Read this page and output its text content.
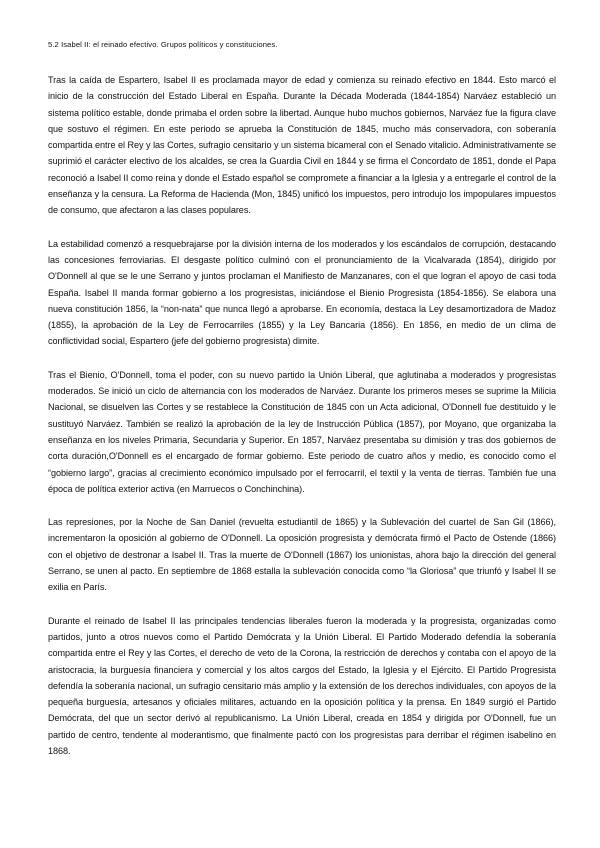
5.2 Isabel II: el reinado efectivo. Grupos políticos y constituciones.

Tras la caída de Espartero, Isabel II es proclamada mayor de edad y comienza su reinado efectivo en 1844. Esto marcó el inicio de la construcción del Estado Liberal en España. Durante la Década Moderada (1844-1854) Narváez estableció un sistema político estable, donde primaba el orden sobre la libertad. Aunque hubo muchos gobiernos, Narváez fue la figura clave que sostuvo el régimen. En este periodo se aprueba la Constitución de 1845, mucho más conservadora, con soberanía compartida entre el Rey y las Cortes, sufragio censitario y un sistema bicameral con el Senado vitalicio. Administrativamente se suprimió el carácter electivo de los alcaldes, se crea la Guardia Civil en 1844 y se firma el Concordato de 1851, donde el Papa reconoció a Isabel II como reina y donde el Estado español se compromete a financiar a la Iglesia y a entregarle el control de la enseñanza y la censura. La Reforma de Hacienda (Mon, 1845) unificó los impuestos, pero introdujo los impopulares impuestos de consumo, que afectaron a las clases populares.

La estabilidad comenzó a resquebrajarse por la división interna de los moderados y los escándalos de corrupción, destacando las concesiones ferroviarias. El desgaste político culminó con el pronunciamiento de la Vicalvarada (1854), dirigido por O'Donnell al que se le une Serrano y juntos proclaman el Manifiesto de Manzanares, con el que logran el apoyo de casi toda España. Isabel II manda formar gobierno a los progresistas, iniciándose el Bienio Progresista (1854-1856). Se elabora una nueva constitución 1856, la “non-nata” que nunca llegó a aprobarse. En economía, destaca la Ley desamortizadora de Madoz (1855), la aprobación de la Ley de Ferrocarriles (1855) y la Ley Bancaria (1856). En 1856, en medio de un clima de conflictividad social, Espartero (jefe del gobierno progresista) dimite.

Tras el Bienio, O'Donnell, toma el poder, con su nuevo partido la Unión Liberal, que aglutinaba a moderados y progresistas moderados. Se inició un ciclo de alternancia con los moderados de Narváez. Durante los primeros meses se suprime la Milicia Nacional, se disuelven las Cortes y se restablece la Constitución de 1845 con un Acta adicional, O'Donnell fue destituido y le sustituyó Narváez. También se realizó la aprobación de la ley de Instrucción Pública (1857), por Moyano, que organizaba la enseñanza en los niveles Primaria, Secundaria y Superior. En 1857, Narváez presentaba su dimisión y tras dos gobiernos de corta duración,O'Donnell es el encargado de formar gobierno. Este periodo de cuatro años y medio, es conocido como el “gobierno largo”, gracias al crecimiento económico impulsado por el ferrocarril, el textil y la venta de tierras. También fue una época de política exterior activa (en Marruecos o Conchinchina).

Las represiones, por la Noche de San Daniel (revuelta estudiantil de 1865) y la Sublevación del cuartel de San Gil (1866), incrementaron la oposición al gobierno de O'Donnell. La oposición progresista y demócrata firmó el Pacto de Ostende (1866) con el objetivo de destronar a Isabel II. Tras la muerte de O'Donnell (1867) los unionistas, ahora bajo la dirección del general Serrano, se unen al pacto. En septiembre de 1868 estalla la sublevación conocida como “la Gloriosa” que triunfó y Isabel II se exilia en París.

Durante el reinado de Isabel II las principales tendencias liberales fueron la moderada y la progresista, organizadas como partidos, junto a otros nuevos como el Partido Demócrata y la Unión Liberal. El Partido Moderado defendía la soberanía compartida entre el Rey y las Cortes, el derecho de veto de la Corona, la restricción de derechos y contaba con el apoyo de la aristocracia, la burguesía financiera y comercial y los altos cargos del Estado, la Iglesia y el Ejército. El Partido Progresista defendía la soberanía nacional, un sufragio censitario más amplio y la extensión de los derechos individuales, con apoyos de la pequeña burguesía, artesanos y oficiales militares, actuando en la oposición política y la prensa. En 1849 surgió el Partido Demócrata, del que un sector derivó al republicanismo. La Unión Liberal, creada en 1854 y dirigida por O'Donnell, fue un partido de centro, tendente al moderantismo, que finalmente pactó con los progresistas para derribar el régimen isabelino en 1868.
